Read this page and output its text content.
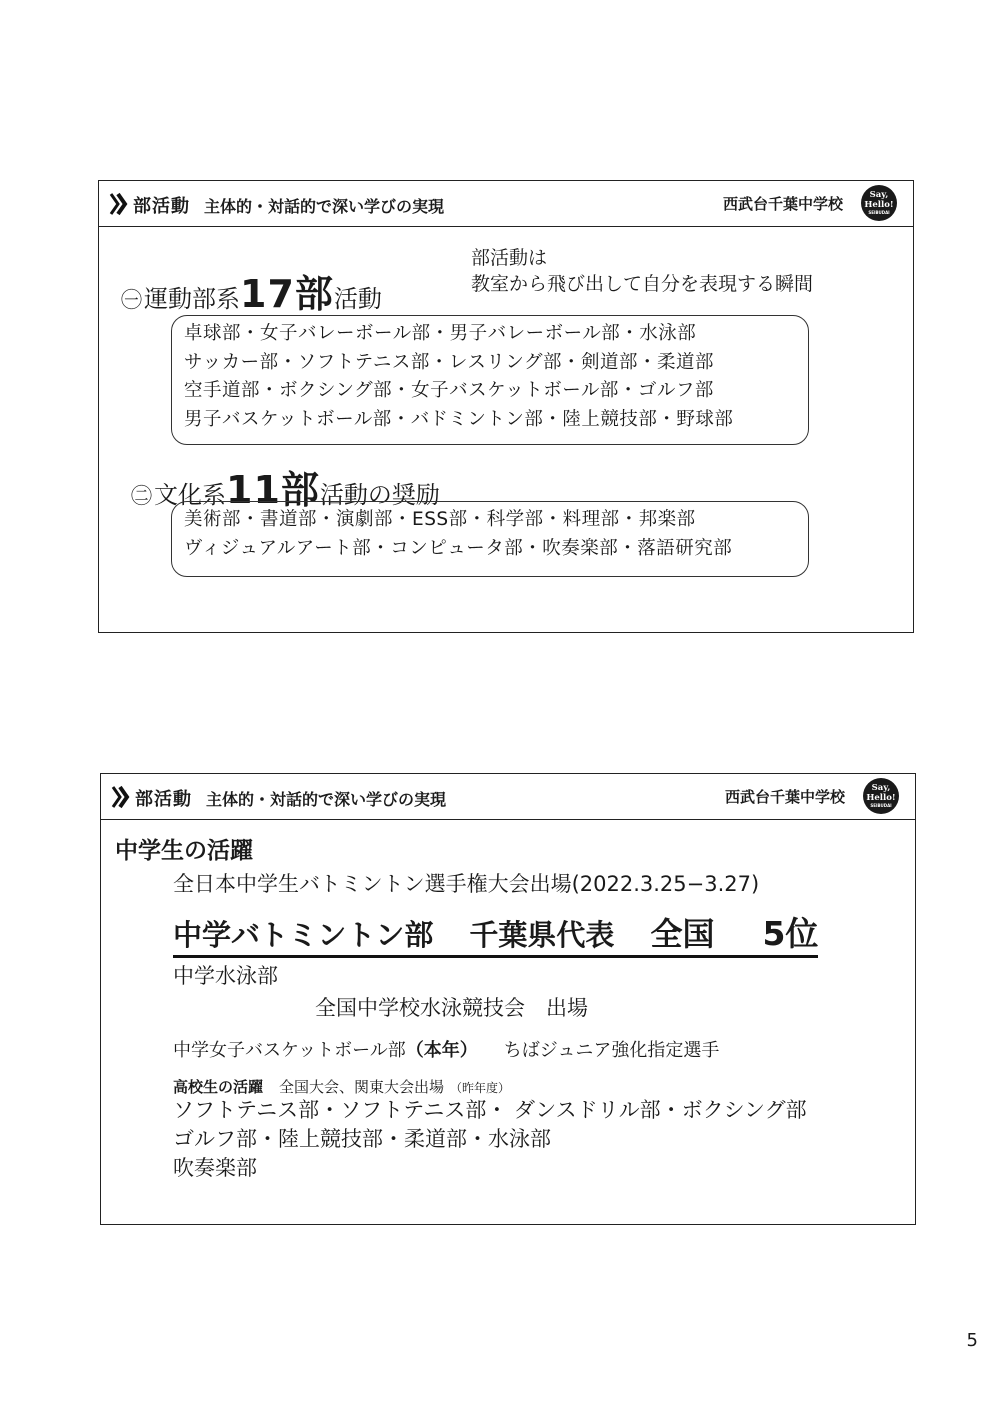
部活動 主体的・対話的で深い学びの実現	西武台千葉中学校	Say,
Hello!
SEIBUDAI
部活動は
教室から飛び出して自分を表現する瞬間
㊀運動部系17部活動
卓球部・女子バレーボール部・男子バレーボール部・水泳部
サッカー部・ソフトテニス部・レスリング部・剣道部・柔道部
空手道部・ボクシング部・女子バスケットボール部・ゴルフ部
男子バスケットボール部・バドミントン部・陸上競技部・野球部
㊁文化系11部活動の奨励
美術部・書道部・演劇部・ESS部・科学部・料理部・邦楽部
ヴィジュアルアート部・コンピュータ部・吹奏楽部・落語研究部
部活動 主体的・対話的で深い学びの実現	西武台千葉中学校	Say,
Hello!
SEIBUDAI
中学生の活躍
全日本中学生バトミントン選手権大会出場(2022.3.25−3.27)
中学バトミントン部 千葉県代表 全国 5位
中学水泳部
全国中学校水泳競技会　出場
中学女子バスケットボール部（本年） ちばジュニア強化指定選手
高校生の活躍 全国大会、関東大会出場 （昨年度）
ソフトテニス部・ソフトテニス部・ ダンスドリル部・ボクシング部
ゴルフ部・陸上競技部・柔道部・水泳部
吹奏楽部
5
